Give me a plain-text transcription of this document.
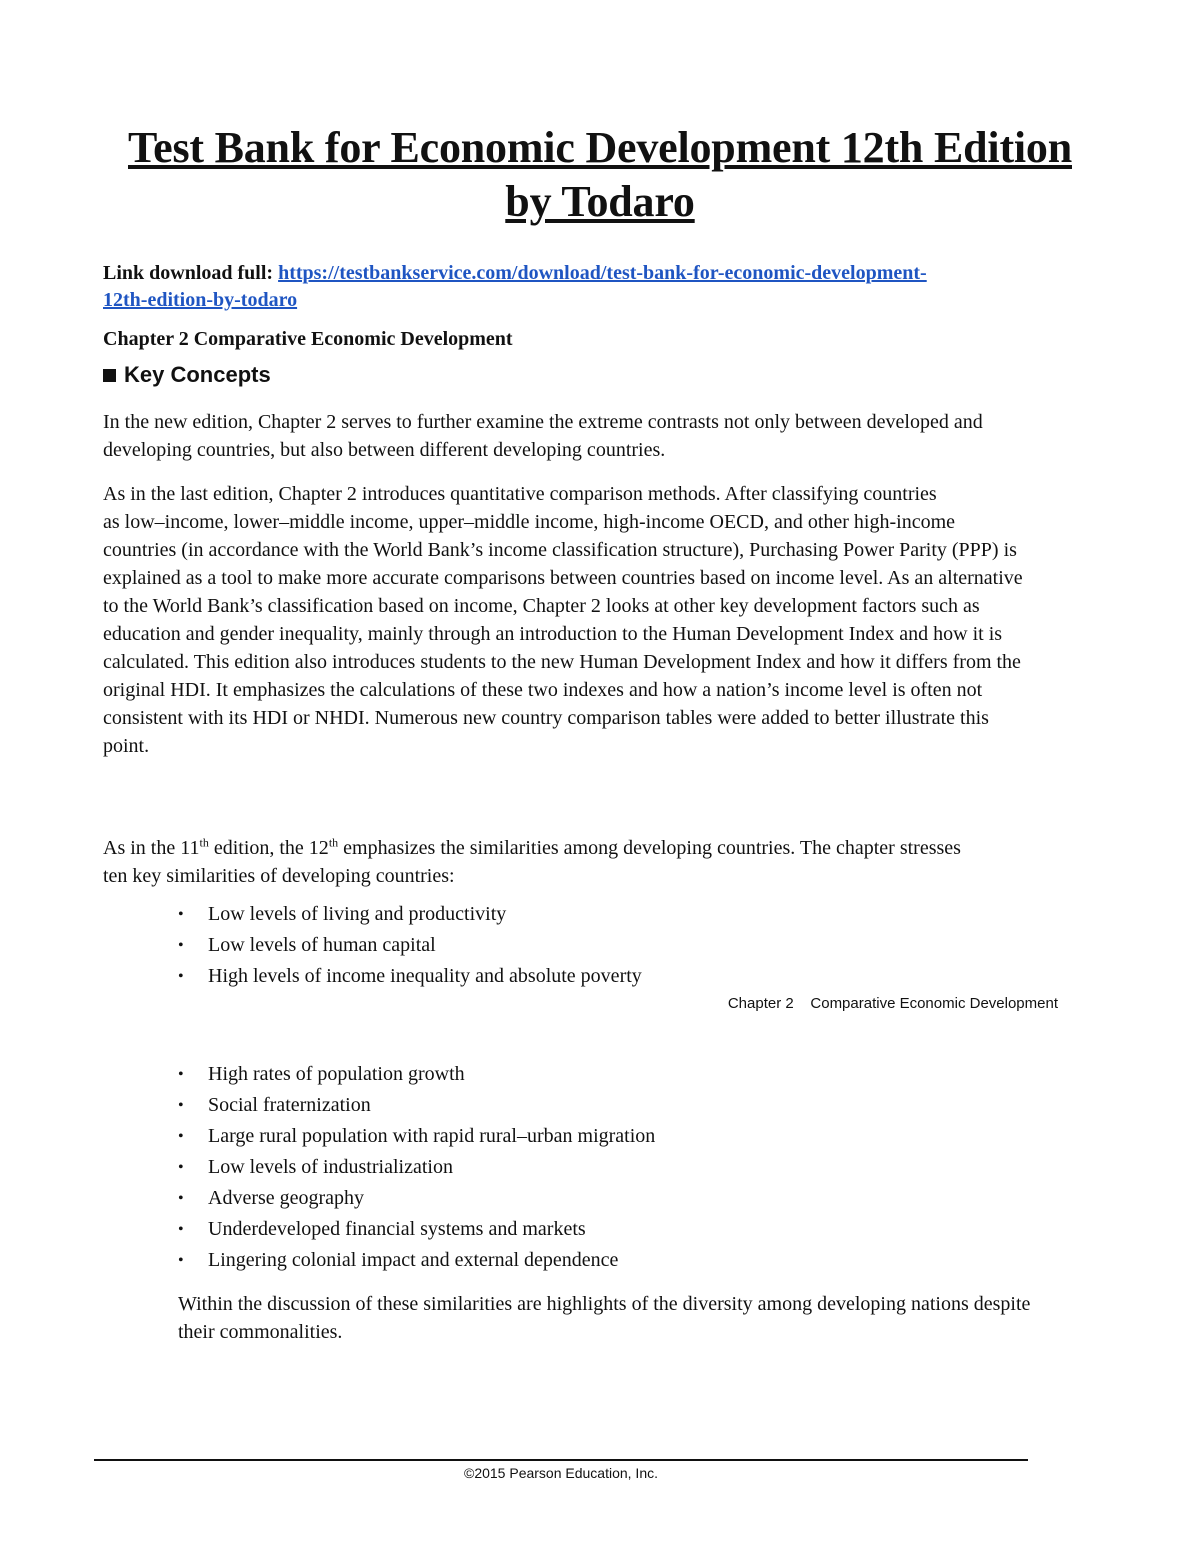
Test Bank for Economic Development 12th Edition
by Todaro
Link download full: https://testbankservice.com/download/test-bank-for-economic-development-
12th-edition-by-todaro
Chapter 2 Comparative Economic Development
Key Concepts

In the new edition, Chapter 2 serves to further examine the extreme contrasts not only between developed and developing countries, but also between different developing countries.

As in the last edition, Chapter 2 introduces quantitative comparison methods. After classifying countries

as low–income, lower–middle income, upper–middle income, high-income OECD, and other high-income countries (in accordance with the World Bank’s income classification structure), Purchasing Power Parity (PPP) is explained as a tool to make more accurate comparisons between countries based on income level. As an alternative to the World Bank’s classification based on income, Chapter 2 looks at other key development factors such as education and gender inequality, mainly through an introduction to the Human Development Index and how it is calculated. This edition also introduces students to the new Human Development Index and how it differs from the original HDI. It emphasizes the calculations of these two indexes and how a nation’s income level is often not consistent with its HDI or NHDI. Numerous new country comparison tables were added to better illustrate this point.

As in the 11th edition, the 12th emphasizes the similarities among developing countries. The chapter stresses ten key similarities of developing countries:

• Low levels of living and productivity
• Low levels of human capital
• High levels of income inequality and absolute poverty
Chapter 2    Comparative Economic Development
• High rates of population growth
• Social fraternization
• Large rural population with rapid rural–urban migration
• Low levels of industrialization
• Adverse geography
• Underdeveloped financial systems and markets
• Lingering colonial impact and external dependence
Within the discussion of these similarities are highlights of the diversity among developing nations despite their commonalities.
©2015 Pearson Education, Inc.
